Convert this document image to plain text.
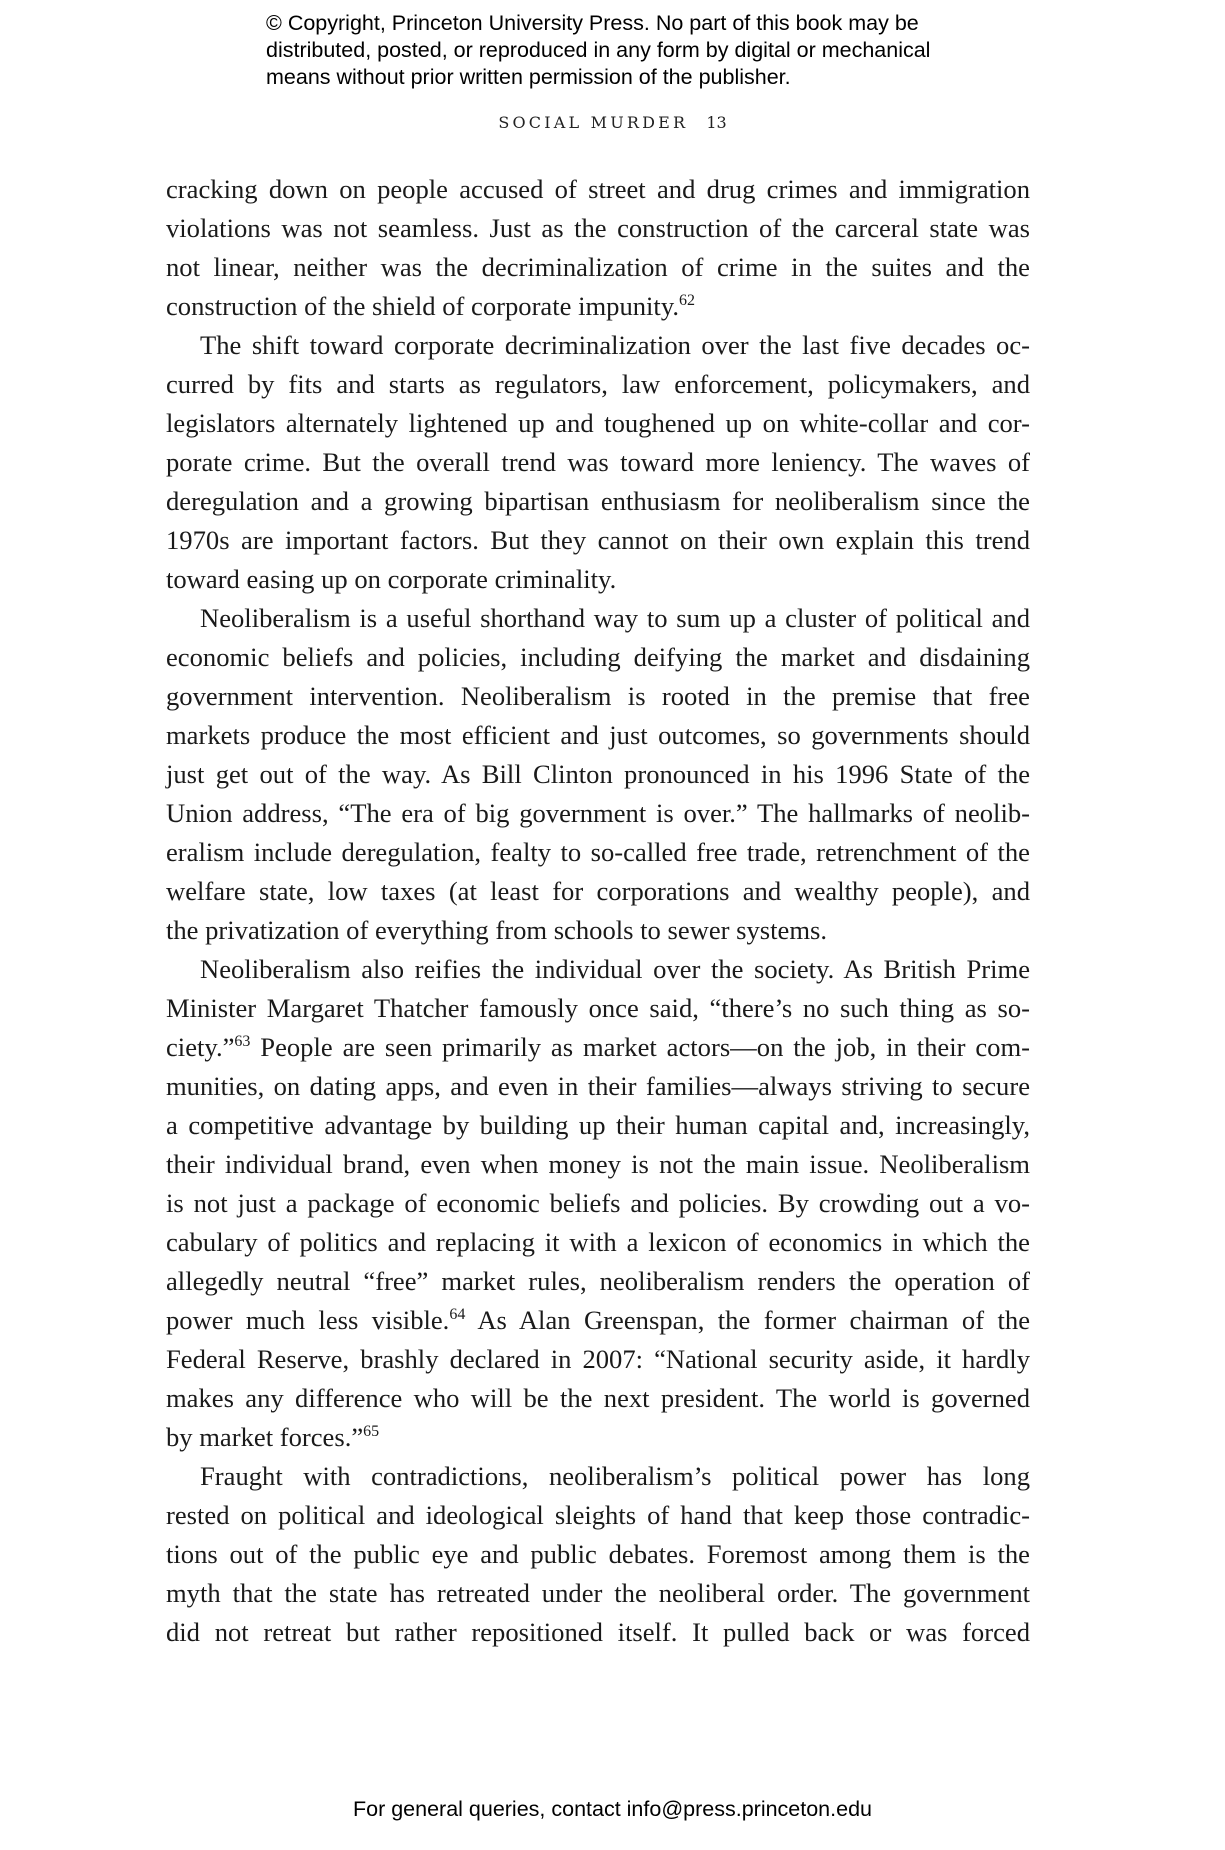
© Copyright, Princeton University Press. No part of this book may be
distributed, posted, or reproduced in any form by digital or mechanical
means without prior written permission of the publisher.
SOCIAL MURDER 13
cracking down on people accused of street and drug crimes and immigration
violations was not seamless. Just as the construction of the carceral state was
not linear, neither was the decriminalization of crime in the suites and the
construction of the shield of corporate impunity.$^{62}$
The shift toward corporate decriminalization over the last five decades oc-
curred by fits and starts as regulators, law enforcement, policymakers, and
legislators alternately lightened up and toughened up on white-collar and cor-
porate crime. But the overall trend was toward more leniency. The waves of
deregulation and a growing bipartisan enthusiasm for neoliberalism since the
1970s are important factors. But they cannot on their own explain this trend
toward easing up on corporate criminality.
Neoliberalism is a useful shorthand way to sum up a cluster of political and
economic beliefs and policies, including deifying the market and disdaining
government intervention. Neoliberalism is rooted in the premise that free
markets produce the most efficient and just outcomes, so governments should
just get out of the way. As Bill Clinton pronounced in his 1996 State of the
Union address, “The era of big government is over.” The hallmarks of neolib-
eralism include deregulation, fealty to so-called free trade, retrenchment of the
welfare state, low taxes (at least for corporations and wealthy people), and
the privatization of everything from schools to sewer systems.
Neoliberalism also reifies the individual over the society. As British Prime
Minister Margaret Thatcher famously once said, “there’s no such thing as so-
ciety.”$^{63}$ People are seen primarily as market actors—on the job, in their com-
munities, on dating apps, and even in their families—always striving to secure
a competitive advantage by building up their human capital and, increasingly,
their individual brand, even when money is not the main issue. Neoliberalism
is not just a package of economic beliefs and policies. By crowding out a vo-
cabulary of politics and replacing it with a lexicon of economics in which the
allegedly neutral “free” market rules, neoliberalism renders the operation of
power much less visible.$^{64}$ As Alan Greenspan, the former chairman of the
Federal Reserve, brashly declared in 2007: “National security aside, it hardly
makes any difference who will be the next president. The world is governed
by market forces.”$^{65}$
Fraught with contradictions, neoliberalism’s political power has long
rested on political and ideological sleights of hand that keep those contradic-
tions out of the public eye and public debates. Foremost among them is the
myth that the state has retreated under the neoliberal order. The government
did not retreat but rather repositioned itself. It pulled back or was forced
For general queries, contact info@press.princeton.edu
